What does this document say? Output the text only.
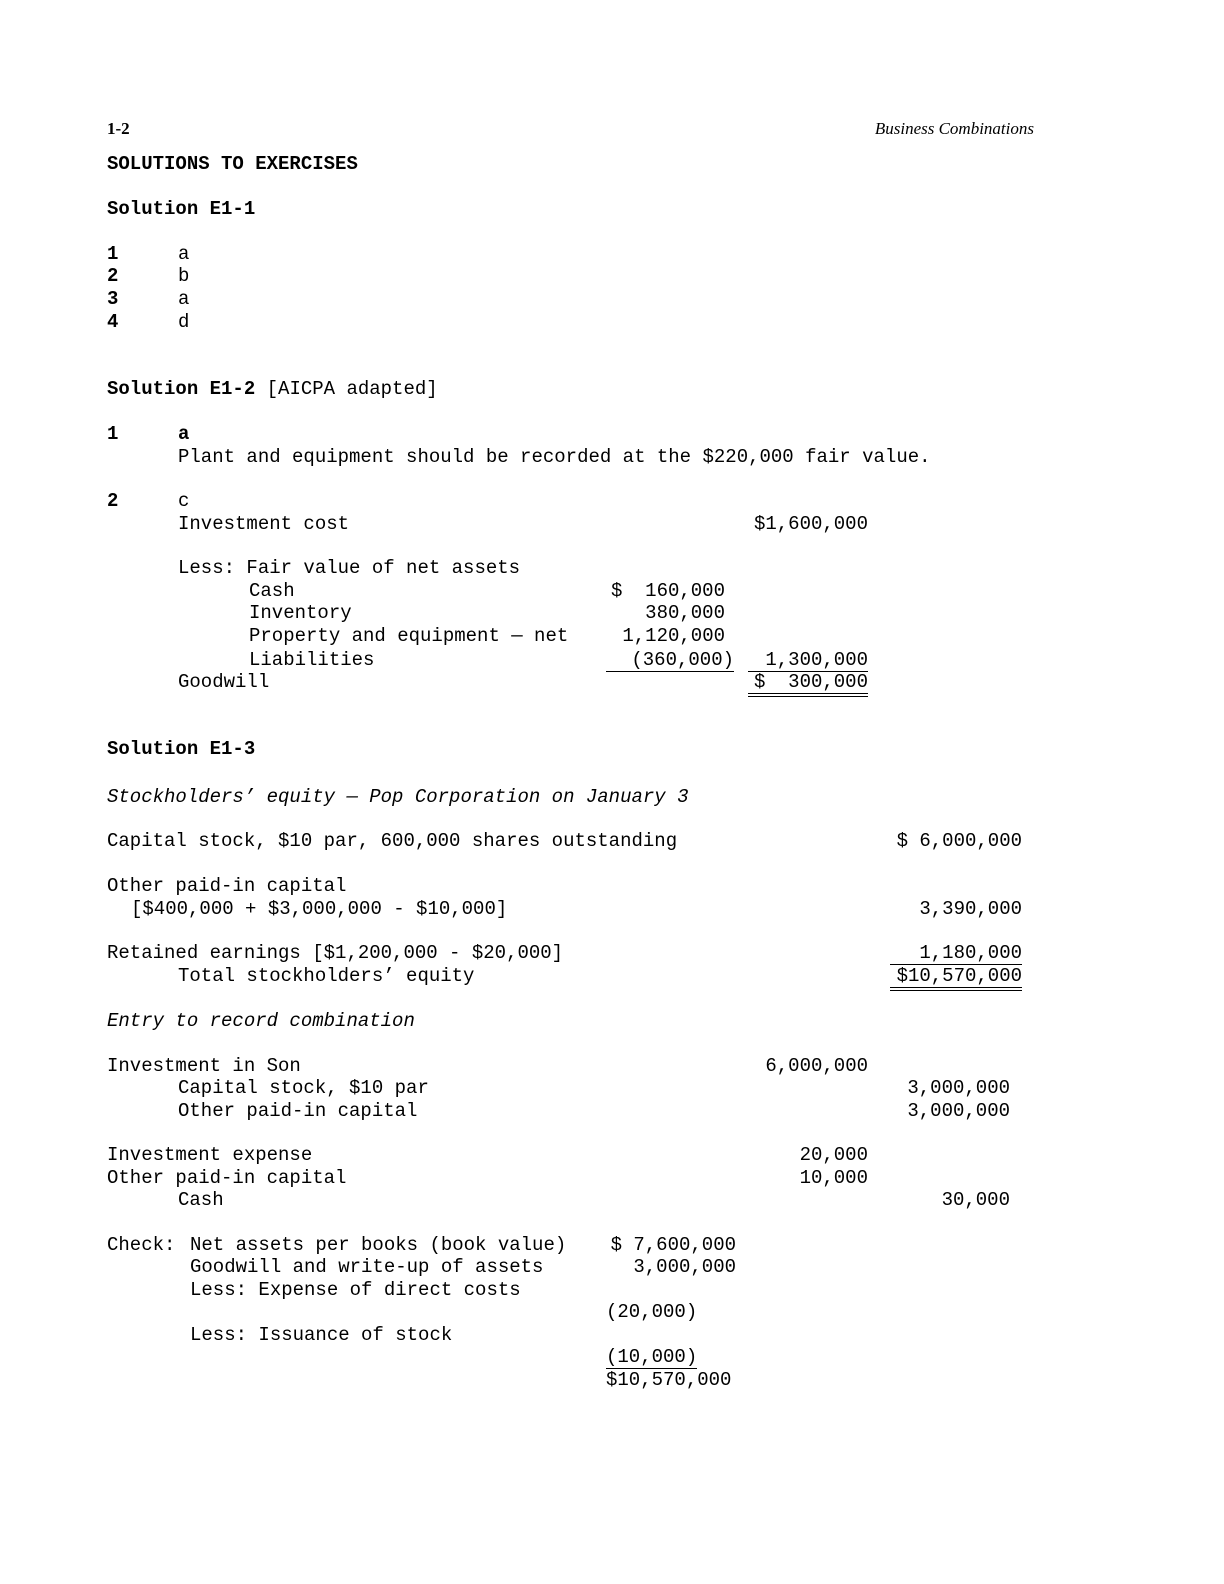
1-2	Business Combinations
SOLUTIONS TO EXERCISES
Solution E1-1
1	a
2	b
3	a
4	d
Solution E1-2 [AICPA adapted]
1	a
Plant and equipment should be recorded at the $220,000 fair value.
2	c
Investment cost	$1,600,000
Less: Fair value of net assets
Cash	$  160,000
Inventory	380,000
Property and equipment — net	1,120,000
Liabilities	(360,000)	1,300,000
Goodwill	$  300,000
Solution E1-3
Stockholders’ equity — Pop Corporation on January 3
Capital stock, $10 par, 600,000 shares outstanding	$ 6,000,000
Other paid-in capital
[$400,000 + $3,000,000 - $10,000]	3,390,000
Retained earnings [$1,200,000 - $20,000]	1,180,000
Total stockholders’ equity	$10,570,000
Entry to record combination
Investment in Son	6,000,000
Capital stock, $10 par	3,000,000
Other paid-in capital	3,000,000
Investment expense	20,000
Other paid-in capital	10,000
Cash	30,000
Check: Net assets per books (book value) $ 7,600,000
Goodwill and write-up of assets	3,000,000
Less: Expense of direct costs
(20,000)
Less: Issuance of stock
(10,000)
$10,570,000
